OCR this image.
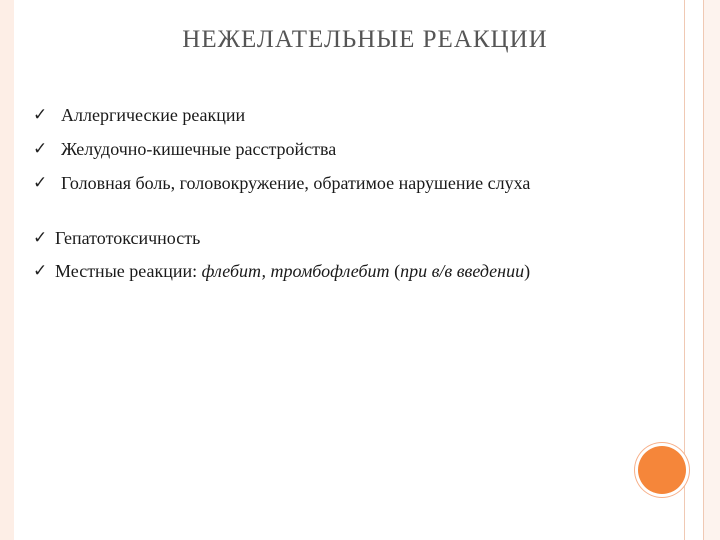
НЕЖЕЛАТЕЛЬНЫЕ РЕАКЦИИ
✓ Аллергические реакции
✓ Желудочно-кишечные расстройства
✓ Головная боль, головокружение, обратимое нарушение слуха
✓ Гепатотоксичность
✓ Местные реакции: флебит, тромбофлебит (при в/в введении)
